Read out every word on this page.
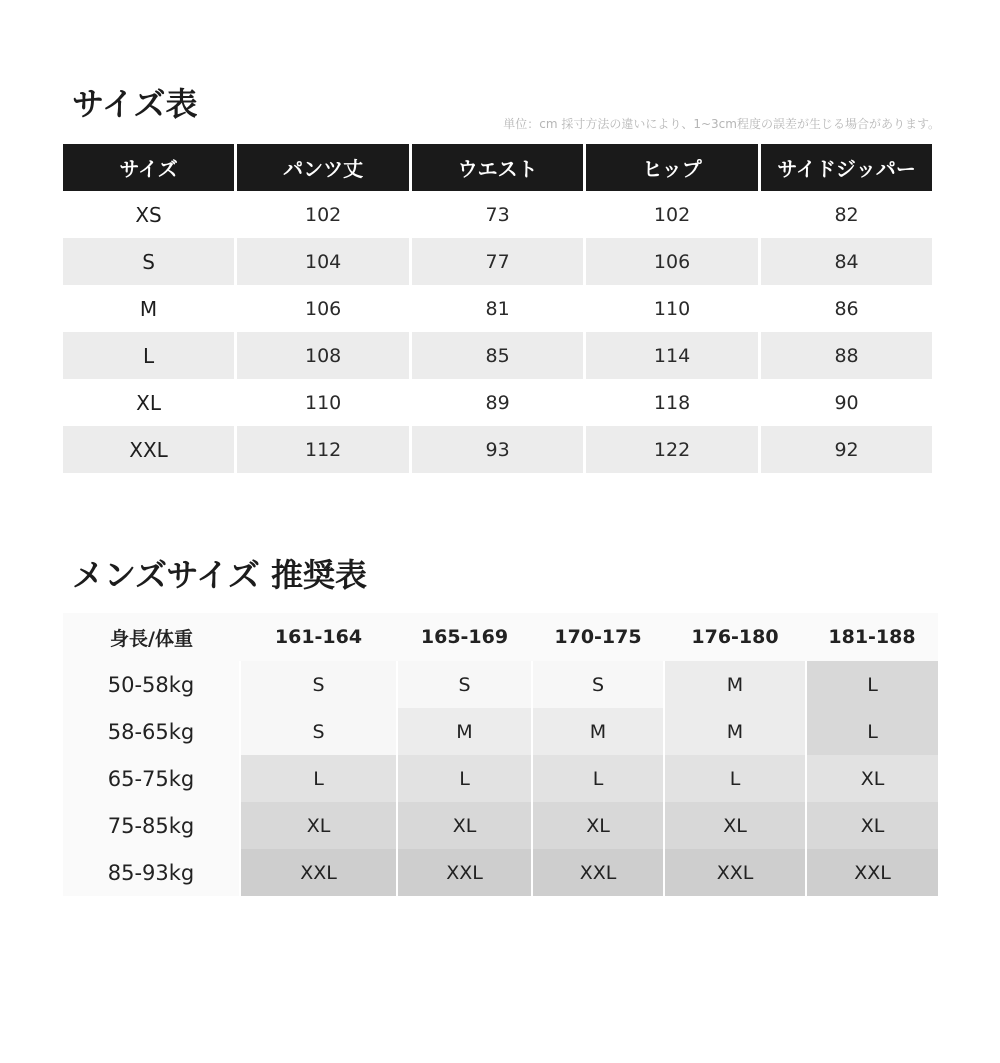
サイズ表
単位：cm 採寸方法の違いにより、1~3cm程度の誤差が生じる場合があります。
サイズ	パンツ丈	ウエスト	ヒップ	サイドジッパー
XS	102	73	102	82
S	104	77	106	84
M	106	81	110	86
L	108	85	114	88
XL	110	89	118	90
XXL	112	93	122	92
メンズサイズ 推奨表
身長/体重	161-164	165-169	170-175	176-180	181-188
50-58kg	S	S	S	M	L
58-65kg	S	M	M	M	L
65-75kg	L	L	L	L	XL
75-85kg	XL	XL	XL	XL	XL
85-93kg	XXL	XXL	XXL	XXL	XXL
